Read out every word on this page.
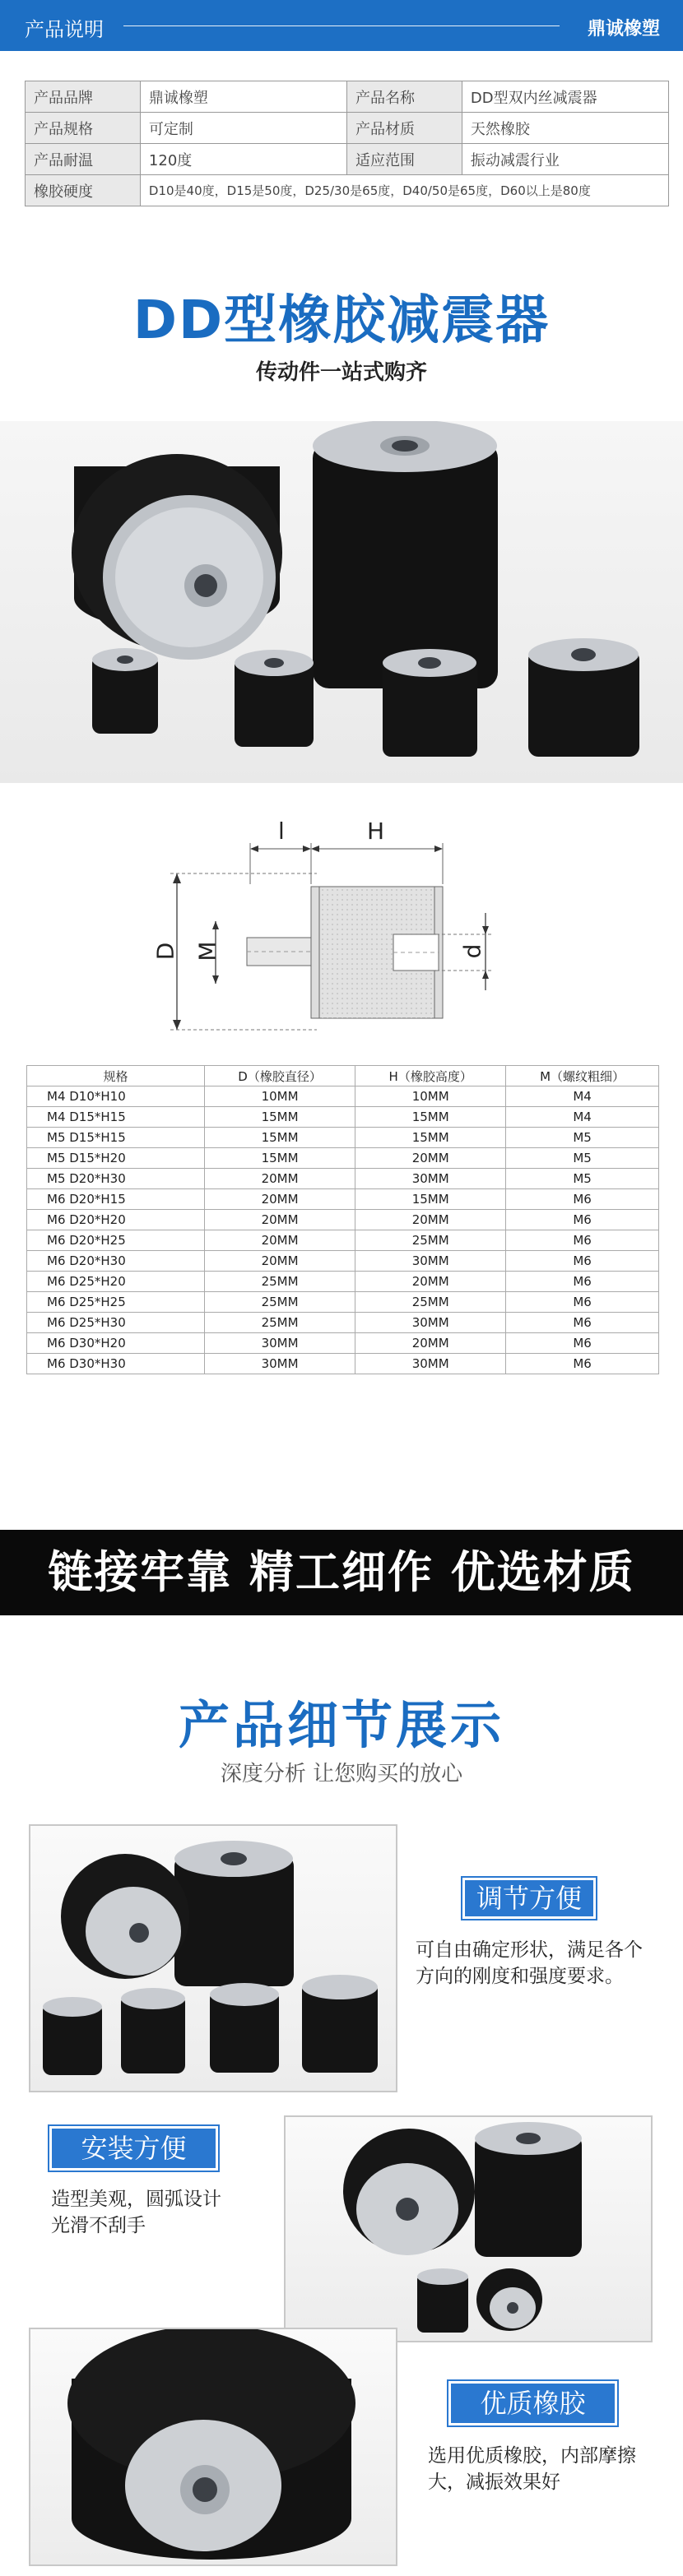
产品说明	鼎诚橡塑
产品品牌	鼎诚橡塑	产品名称	DD型双内丝减震器
产品规格	可定制	产品材质	天然橡胶
产品耐温	120度	适应范围	振动减震行业
橡胶硬度	D10是40度，D15是50度，D25/30是65度，D40/50是65度，D60以上是80度		
DD型橡胶减震器
传动件一站式购齐
l	H
D M	d
规格	D（橡胶直径）	H（橡胶高度）	M（螺纹粗细）
M4 D10*H10	10MM	10MM	M4
M4 D15*H15	15MM	15MM	M4
M5 D15*H15	15MM	15MM	M5
M5 D15*H20	15MM	20MM	M5
M5 D20*H30	20MM	30MM	M5
M6 D20*H15	20MM	15MM	M6
M6 D20*H20	20MM	20MM	M6
M6 D20*H25	20MM	25MM	M6
M6 D20*H30	20MM	30MM	M6
M6 D25*H20	25MM	20MM	M6
M6 D25*H25	25MM	25MM	M6
M6 D25*H30	25MM	30MM	M6
M6 D30*H20	30MM	20MM	M6
M6 D30*H30	30MM	30MM	M6
链接牢靠 精工细作 优选材质
产品细节展示
深度分析 让您购买的放心
调节方便
可自由确定形状，满足各个
方向的刚度和强度要求。
安装方便
造型美观，圆弧设计
光滑不刮手
优质橡胶
选用优质橡胶，内部摩擦
大，减振效果好
